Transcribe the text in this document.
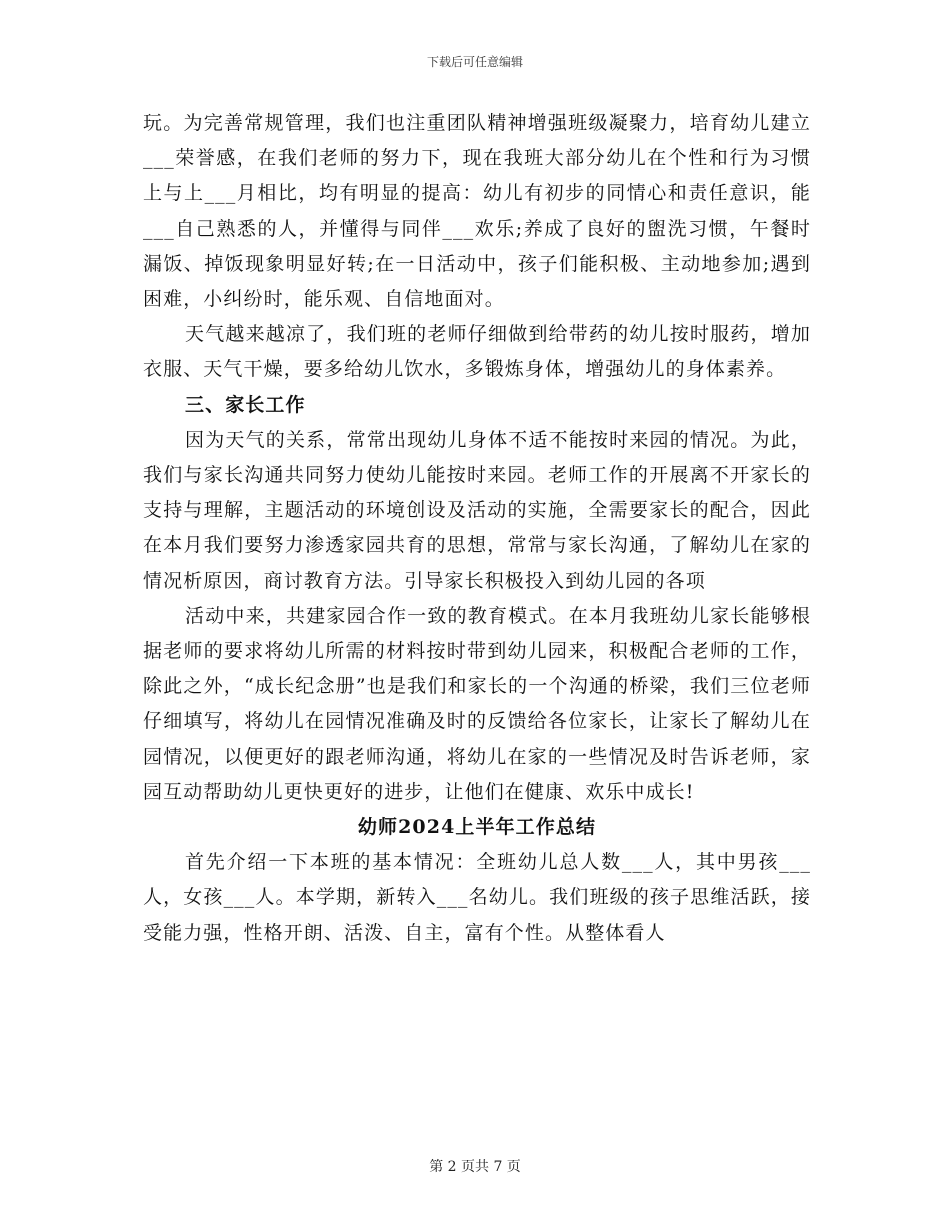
下载后可任意编辑

玩。为完善常规管理，我们也注重团队精神增强班级凝聚力，培育幼儿建立___荣誉感，在我们老师的努力下，现在我班大部分幼儿在个性和行为习惯上与上___月相比，均有明显的提高：幼儿有初步的同情心和责任意识，能___自己熟悉的人，并懂得与同伴___欢乐;养成了良好的盥洗习惯，午餐时漏饭、掉饭现象明显好转;在一日活动中，孩子们能积极、主动地参加;遇到困难，小纠纷时，能乐观、自信地面对。

天气越来越凉了，我们班的老师仔细做到给带药的幼儿按时服药，增加衣服、天气干燥，要多给幼儿饮水，多锻炼身体，增强幼儿的身体素养。

三、家长工作

因为天气的关系，常常出现幼儿身体不适不能按时来园的情况。为此，我们与家长沟通共同努力使幼儿能按时来园。老师工作的开展离不开家长的支持与理解，主题活动的环境创设及活动的实施，全需要家长的配合，因此在本月我们要努力渗透家园共育的思想，常常与家长沟通，了解幼儿在家的情况析原因，商讨教育方法。引导家长积极投入到幼儿园的各项

活动中来，共建家园合作一致的教育模式。在本月我班幼儿家长能够根据老师的要求将幼儿所需的材料按时带到幼儿园来，积极配合老师的工作，除此之外，“成长纪念册”也是我们和家长的一个沟通的桥梁，我们三位老师仔细填写，将幼儿在园情况准确及时的反馈给各位家长，让家长了解幼儿在园情况，以便更好的跟老师沟通，将幼儿在家的一些情况及时告诉老师，家园互动帮助幼儿更快更好的进步，让他们在健康、欢乐中成长!

幼师2024上半年工作总结

首先介绍一下本班的基本情况：全班幼儿总人数___人，其中男孩___人，女孩___人。本学期，新转入___名幼儿。我们班级的孩子思维活跃，接受能力强，性格开朗、活泼、自主，富有个性。从整体看人

第 2 页共 7 页
